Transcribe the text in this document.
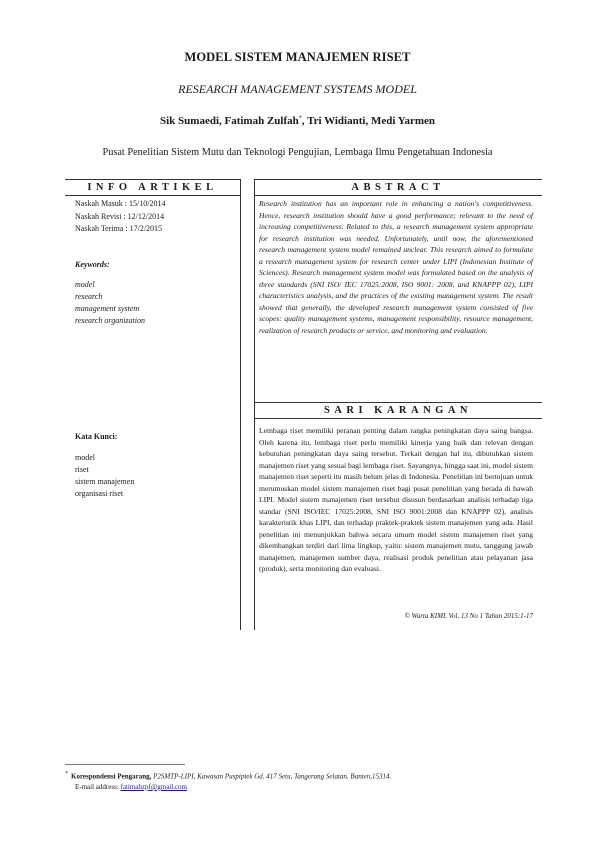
MODEL SISTEM MANAJEMEN RISET
RESEARCH MANAGEMENT SYSTEMS MODEL
Sik Sumaedi, Fatimah Zulfah*, Tri Widianti, Medi Yarmen
Pusat Penelitian Sistem Mutu dan Teknologi Pengujian, Lembaga Ilmu Pengetahuan Indonesia
INFO ARTIKEL	ABSTRACT
SARI KARANGAN
Naskah Masuk : 15/10/2014
Naskah Revisi : 12/12/2014
Naskah Terima : 17/2/2015
Keywords:
model
research
management system
research organization
Kata Kunci:
model
riset
sistem manajemen
organisasi riset
Research institution has an important role in enhancing a nation's competitiveness. Hence, research institution should have a good performance; relevant to the need of increasing competitiveness. Related to this, a research management system appropriate for research institution was needed. Unfortunately, until now, the aforementioned research management system model remained unclear. This research aimed to formulate a research management system for research center under LIPI (Indonesian Institute of Sciences). Research management system model was formulated based on the analysis of three standards (SNI ISO/ IEC 17025:2008, ISO 9001: 2008, and KNAPPP 02), LIPI characteristics analysis, and the practices of the existing management system. The result showed that generally, the developed research management system consisted of five scopes: quality management systems, management responsibility, resource management, realization of research products or service, and monitoring and evaluation.
Lembaga riset memiliki peranan penting dalam rangka peningkatan daya saing bangsa. Oleh karena itu, lembaga riset perlu memiliki kinerja yang baik dan relevan dengan kebutuhan peningkatan daya saing tersebut. Terkait dengan hal itu, dibutuhkan sistem manajemen riset yang sesuai bagi lembaga riset. Sayangnya, hingga saat ini, model sistem manajemen riset seperti itu masih belum jelas di Indonesia. Penelitian ini bertujuan untuk merumuskan model sistem manajemen riset bagi pusat penelitian yang berada di bawah LIPI. Model sistem manajemen riset tersebut disusun berdasarkan analisis terhadap tiga standar (SNI ISO/IEC 17025:2008, SNI ISO 9001:2008 dan KNAPPP 02), analisis karakteristik khas LIPI, dan terhadap praktek-praktek sistem manajemen yang ada. Hasil penelitian ini menunjukkan bahwa secara umum model sistem manajemen riset yang dikembangkan terdiri dari lima lingkup, yaitu: sistem manajemen mutu, tanggung jawab manajemen, manajemen sumber daya, realisasi produk penelitian atau pelayanan jasa (produk), serta monitoring dan evaluasi.
© Warta KIML Vol. 13 No 1 Tahun 2015:1-17
* Korespondensi Pengarang, P2SMTP-LIPI, Kawasan Puspiptek Gd. 417 Setu, Tangerang Selatan, Banten,15314.
E-mail address: fatimahzpf@gmail.com
